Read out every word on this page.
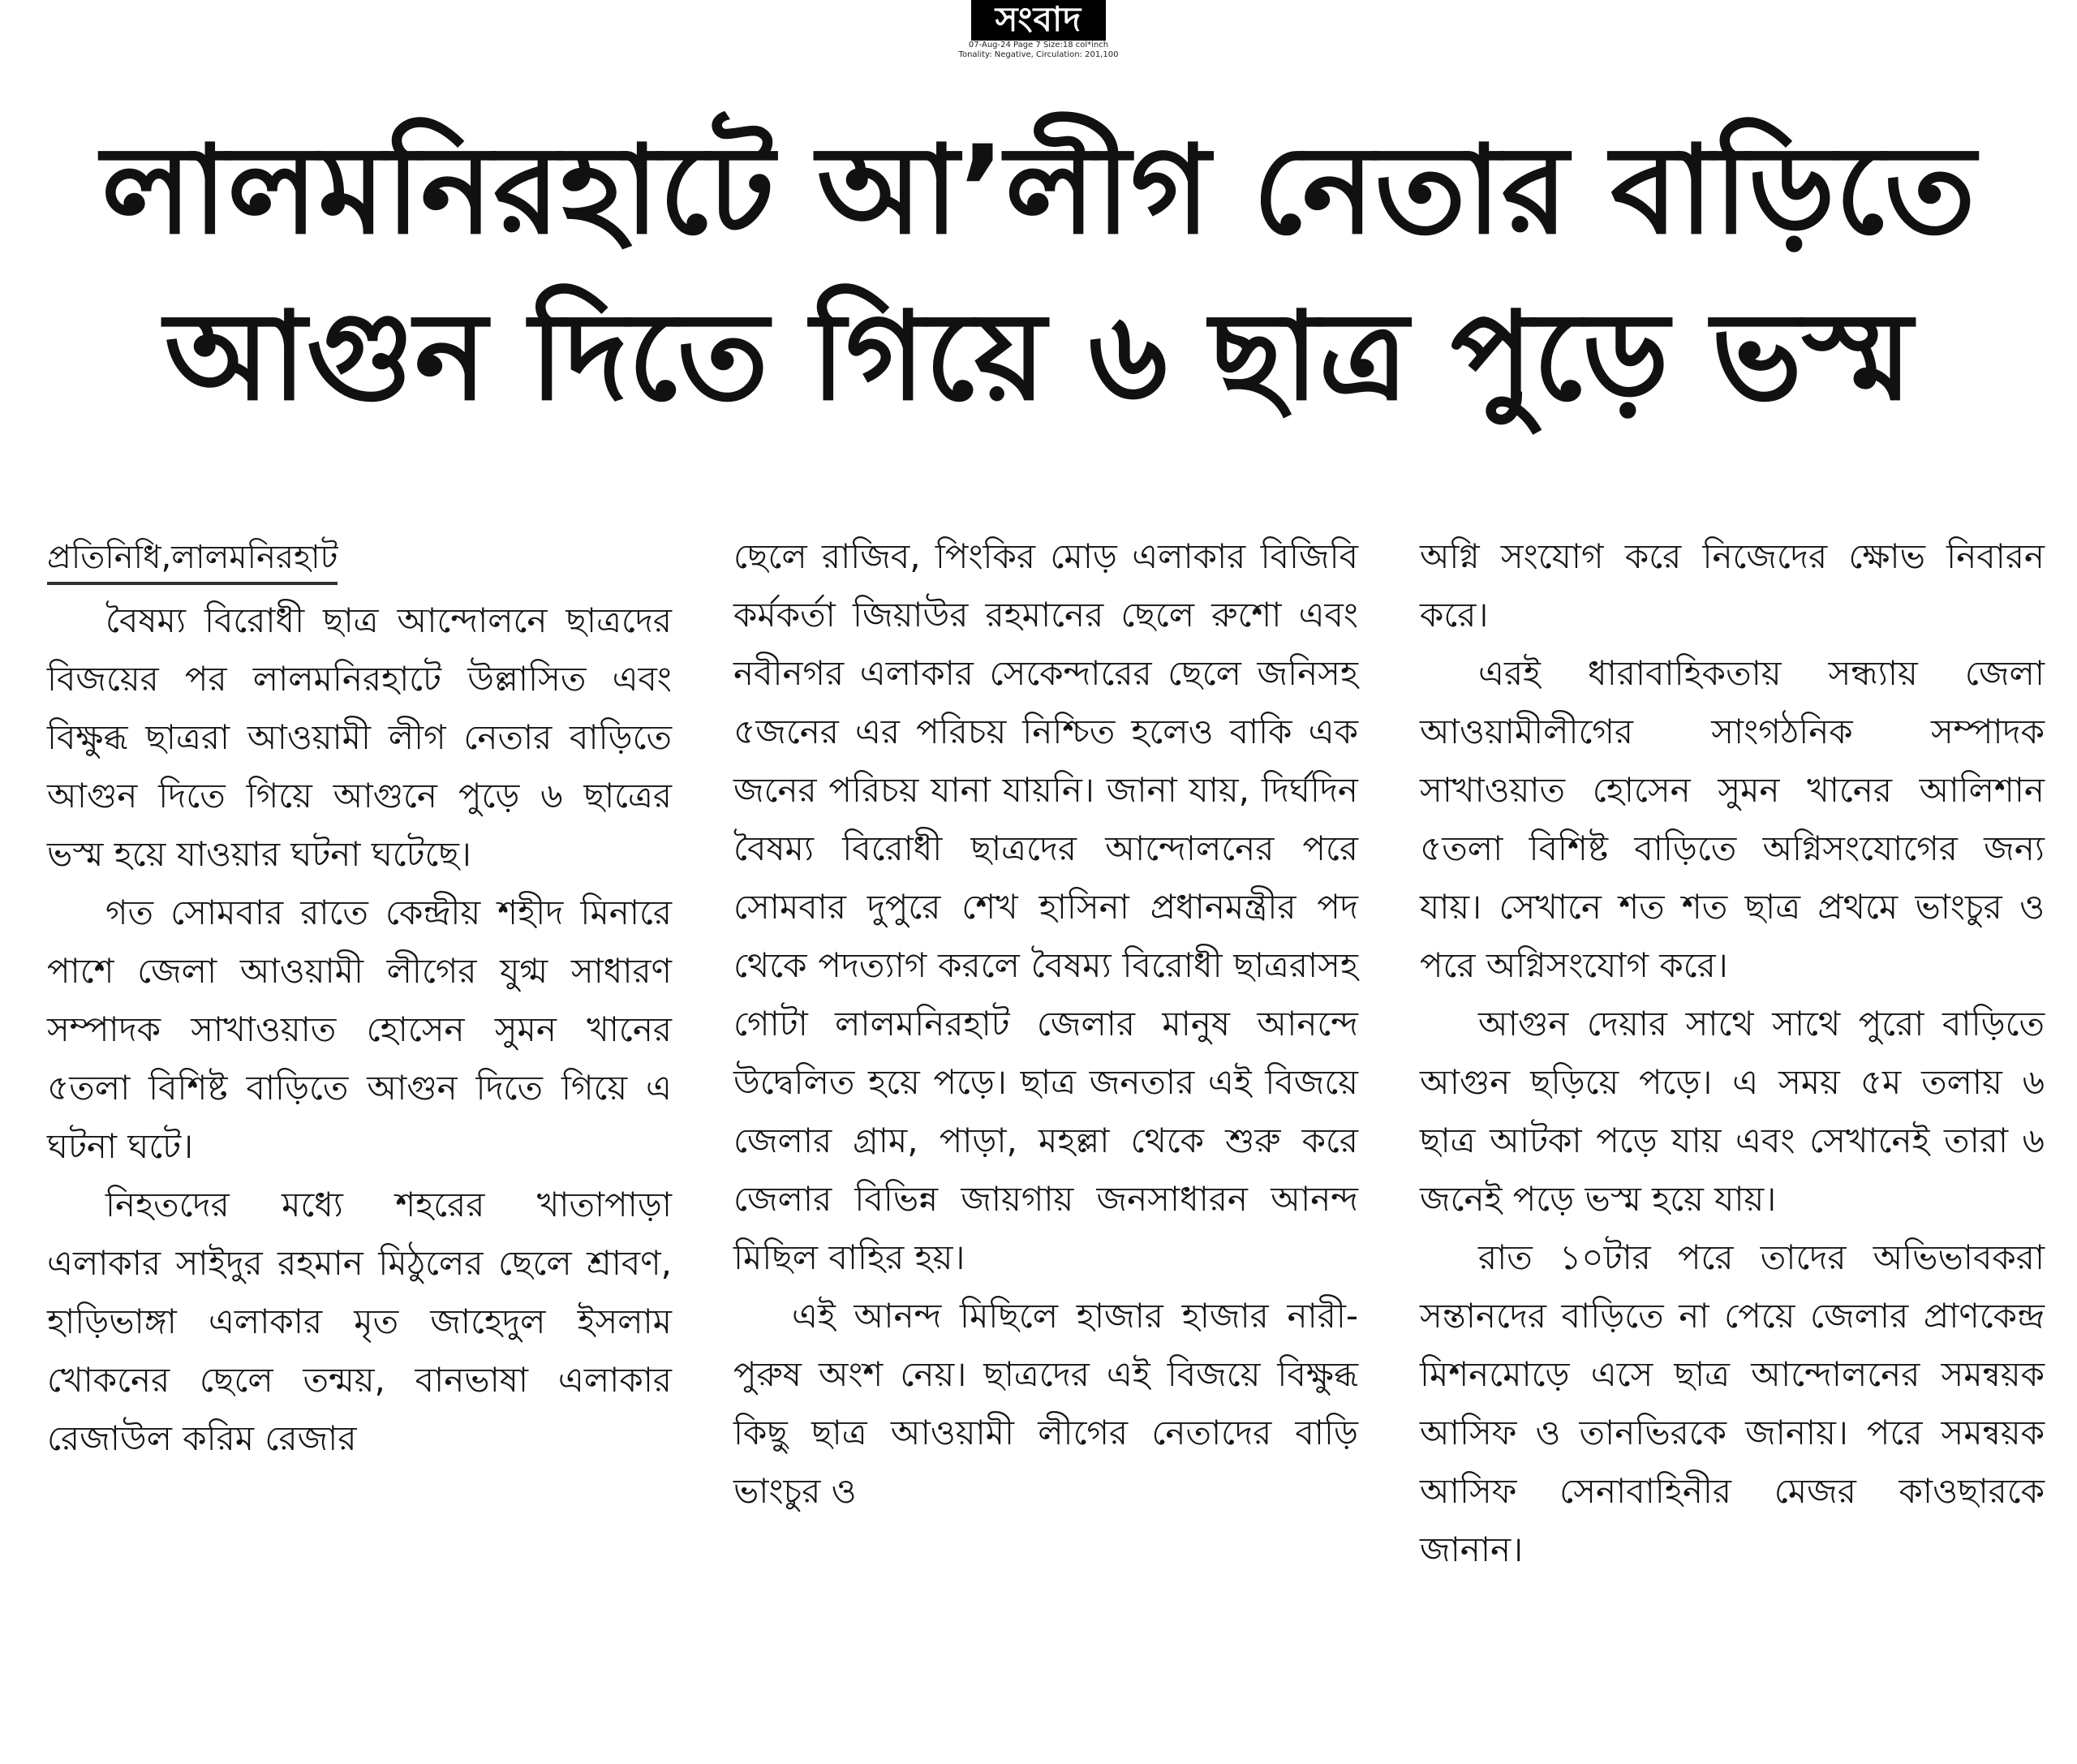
সংবাদ
07-Aug-24 Page 7 Size:18 col*inch
Tonality: Negative, Circulation: 201,100
লালমনিরহাটে আ’লীগ নেতার বাড়িতে
আগুন দিতে গিয়ে ৬ ছাত্র পুড়ে ভস্ম
প্রতিনিধি,লালমনিরহাট

বৈষম্য বিরোধী ছাত্র আন্দোলনে ছাত্রদের বিজয়ের পর লালমনিরহাটে উল্লাসিত এবং বিক্ষুব্ধ ছাত্ররা আওয়ামী লীগ নেতার বাড়িতে আগুন দিতে গিয়ে আগুনে পুড়ে ৬ ছাত্রের ভস্ম হয়ে যাওয়ার ঘটনা ঘটেছে।

গত সোমবার রাতে কেন্দ্রীয় শহীদ মিনারে পাশে জেলা আওয়ামী লীগের যুগ্ম সাধারণ সম্পাদক সাখাওয়াত হোসেন সুমন খানের ৫তলা বিশিষ্ট বাড়িতে আগুন দিতে গিয়ে এ ঘটনা ঘটে।

নিহতদের মধ্যে শহরের খাতাপাড়া এলাকার সাইদুর রহমান মিঠুলের ছেলে শ্রাবণ, হাড়িভাঙ্গা এলাকার মৃত জাহেদুল ইসলাম খোকনের ছেলে তন্ময়, বানভাষা এলাকার রেজাউল করিম রেজার

ছেলে রাজিব, পিংকির মোড় এলাকার বিজিবি কর্মকর্তা জিয়াউর রহমানের ছেলে রুশো এবং নবীনগর এলাকার সেকেন্দারের ছেলে জনিসহ ৫জনের এর পরিচয় নিশ্চিত হলেও বাকি এক জনের পরিচয় যানা যায়নি। জানা যায়, দির্ঘদিন বৈষম্য বিরোধী ছাত্রদের আন্দোলনের পরে সোমবার দুপুরে শেখ হাসিনা প্রধানমন্ত্রীর পদ থেকে পদত্যাগ করলে বৈষম্য বিরোধী ছাত্ররাসহ গোটা লালমনিরহাট জেলার মানুষ আনন্দে উদ্বেলিত হয়ে পড়ে। ছাত্র জনতার এই বিজয়ে জেলার গ্রাম, পাড়া, মহল্লা থেকে শুরু করে জেলার বিভিন্ন জায়গায় জনসাধারন আনন্দ মিছিল বাহির হয়।

এই আনন্দ মিছিলে হাজার হাজার নারী-পুরুষ অংশ নেয়। ছাত্রদের এই বিজয়ে বিক্ষুব্ধ কিছু ছাত্র আওয়ামী লীগের নেতাদের বাড়ি ভাংচুর ও

অগ্নি সংযোগ করে নিজেদের ক্ষোভ নিবারন করে।

এরই ধারাবাহিকতায় সন্ধ্যায় জেলা আওয়ামীলীগের সাংগঠনিক সম্পাদক সাখাওয়াত হোসেন সুমন খানের আলিশান ৫তলা বিশিষ্ট বাড়িতে অগ্নিসংযোগের জন্য যায়। সেখানে শত শত ছাত্র প্রথমে ভাংচুর ও পরে অগ্নিসংযোগ করে।

আগুন দেয়ার সাথে সাথে পুরো বাড়িতে আগুন ছড়িয়ে পড়ে। এ সময় ৫ম তলায় ৬ ছাত্র আটকা পড়ে যায় এবং সেখানেই তারা ৬ জনেই পড়ে ভস্ম হয়ে যায়।

রাত ১০টার পরে তাদের অভিভাবকরা সন্তানদের বাড়িতে না পেয়ে জেলার প্রাণকেন্দ্র মিশনমোড়ে এসে ছাত্র আন্দোলনের সমন্বয়ক আসিফ ও তানভিরকে জানায়। পরে সমন্বয়ক আসিফ সেনাবাহিনীর মেজর কাওছারকে জানান।
